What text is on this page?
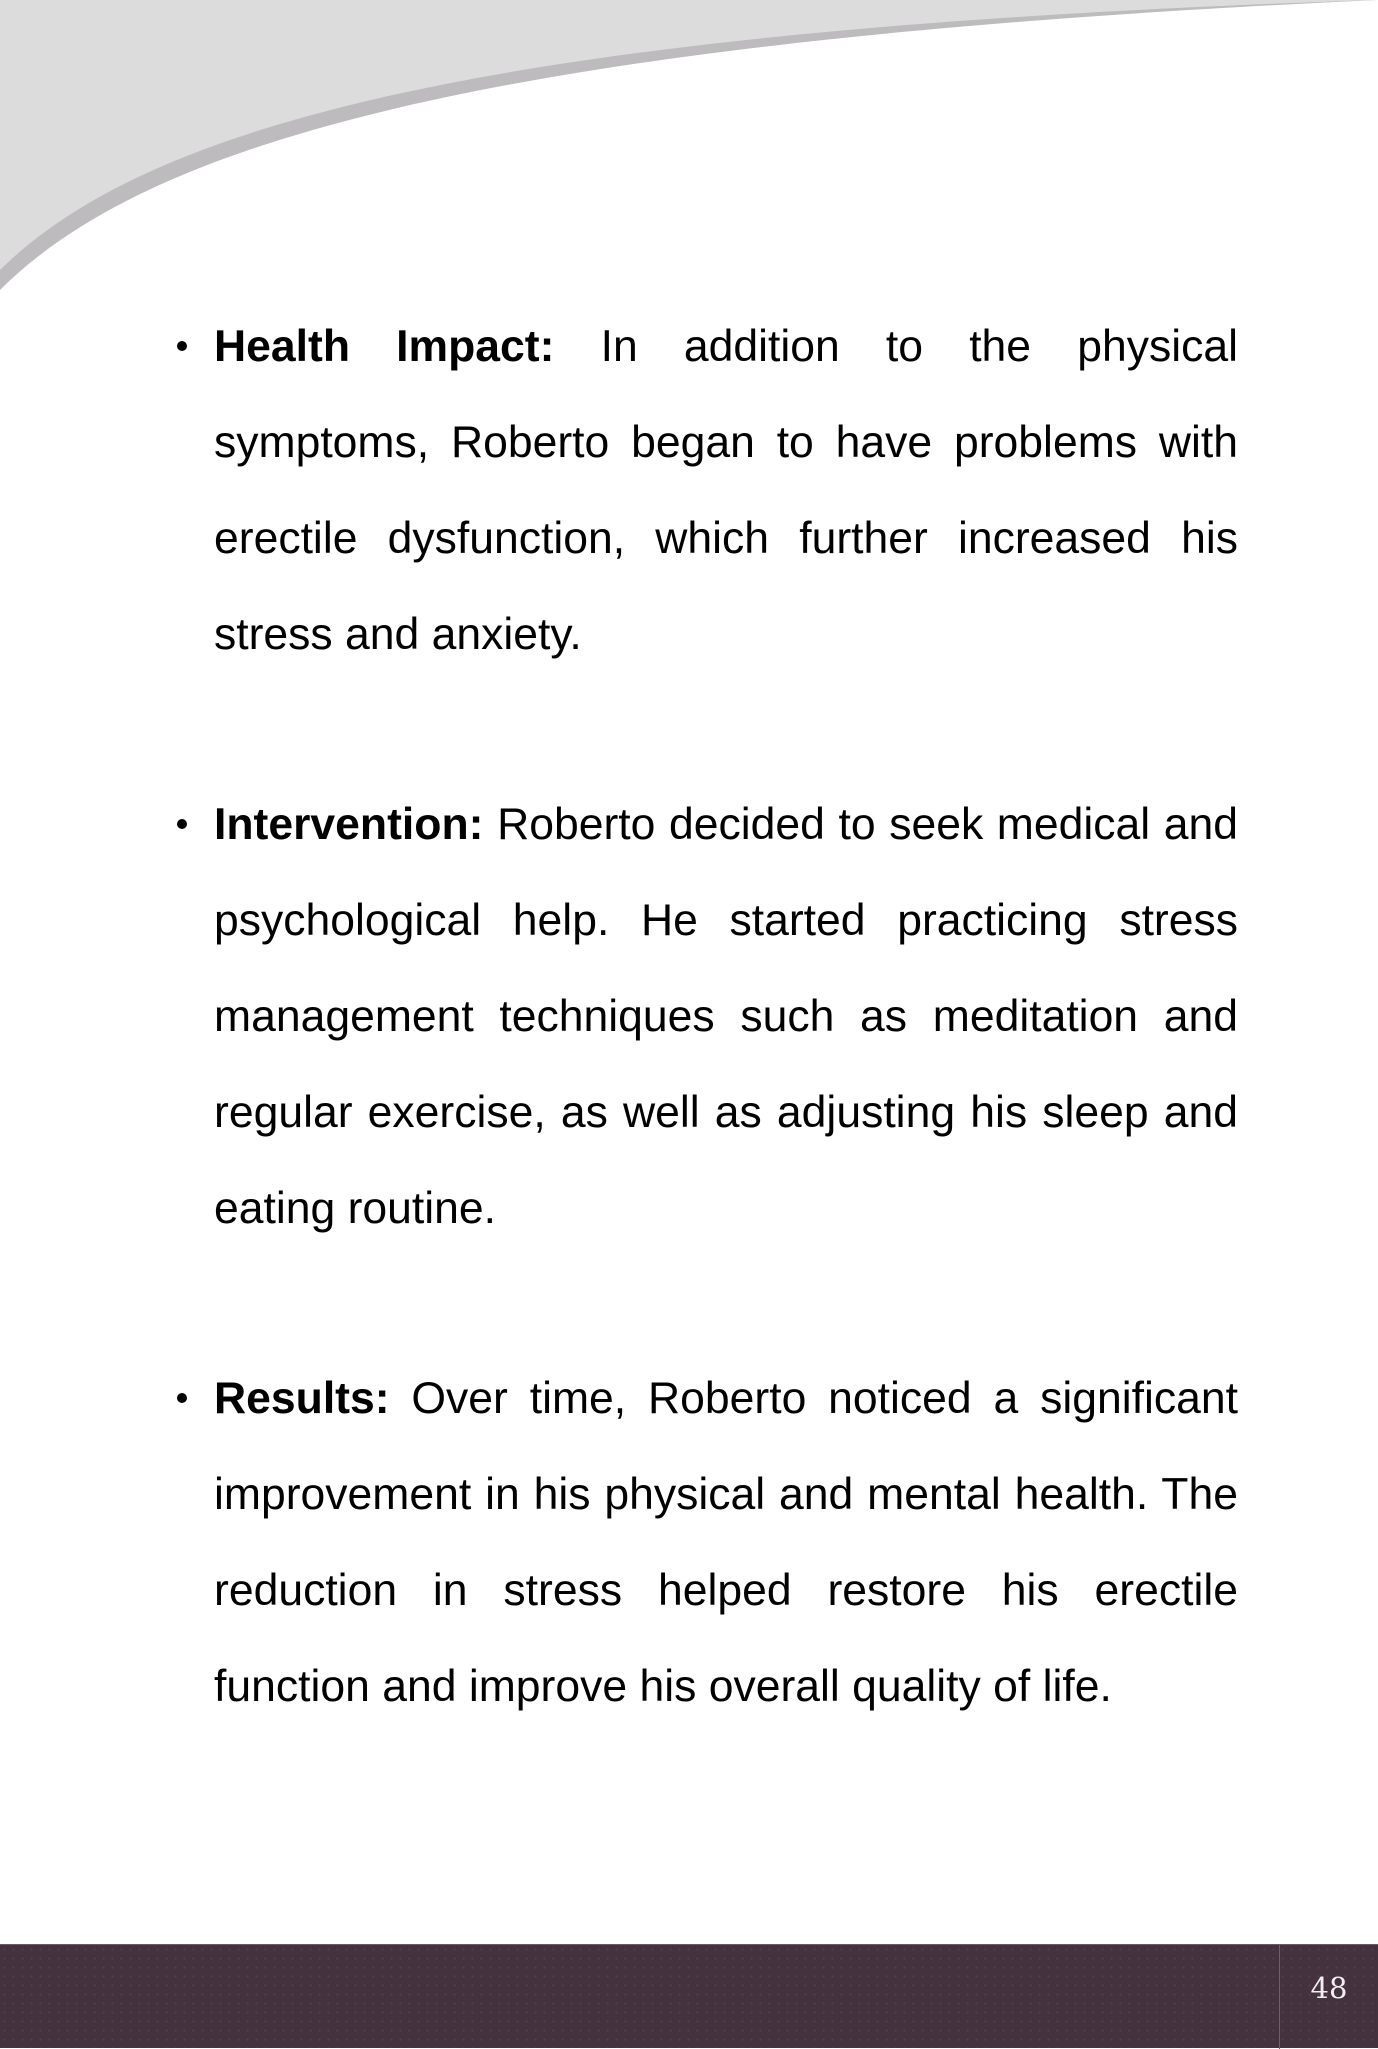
Health Impact: In addition to the physical
symptoms, Roberto began to have problems with
erectile dysfunction, which further increased his
stress and anxiety.
Intervention: Roberto decided to seek medical and
psychological help. He started practicing stress
management techniques such as meditation and
regular exercise, as well as adjusting his sleep and
eating routine.
Results: Over time, Roberto noticed a significant
improvement in his physical and mental health. The
reduction in stress helped restore his erectile
function and improve his overall quality of life.
48
